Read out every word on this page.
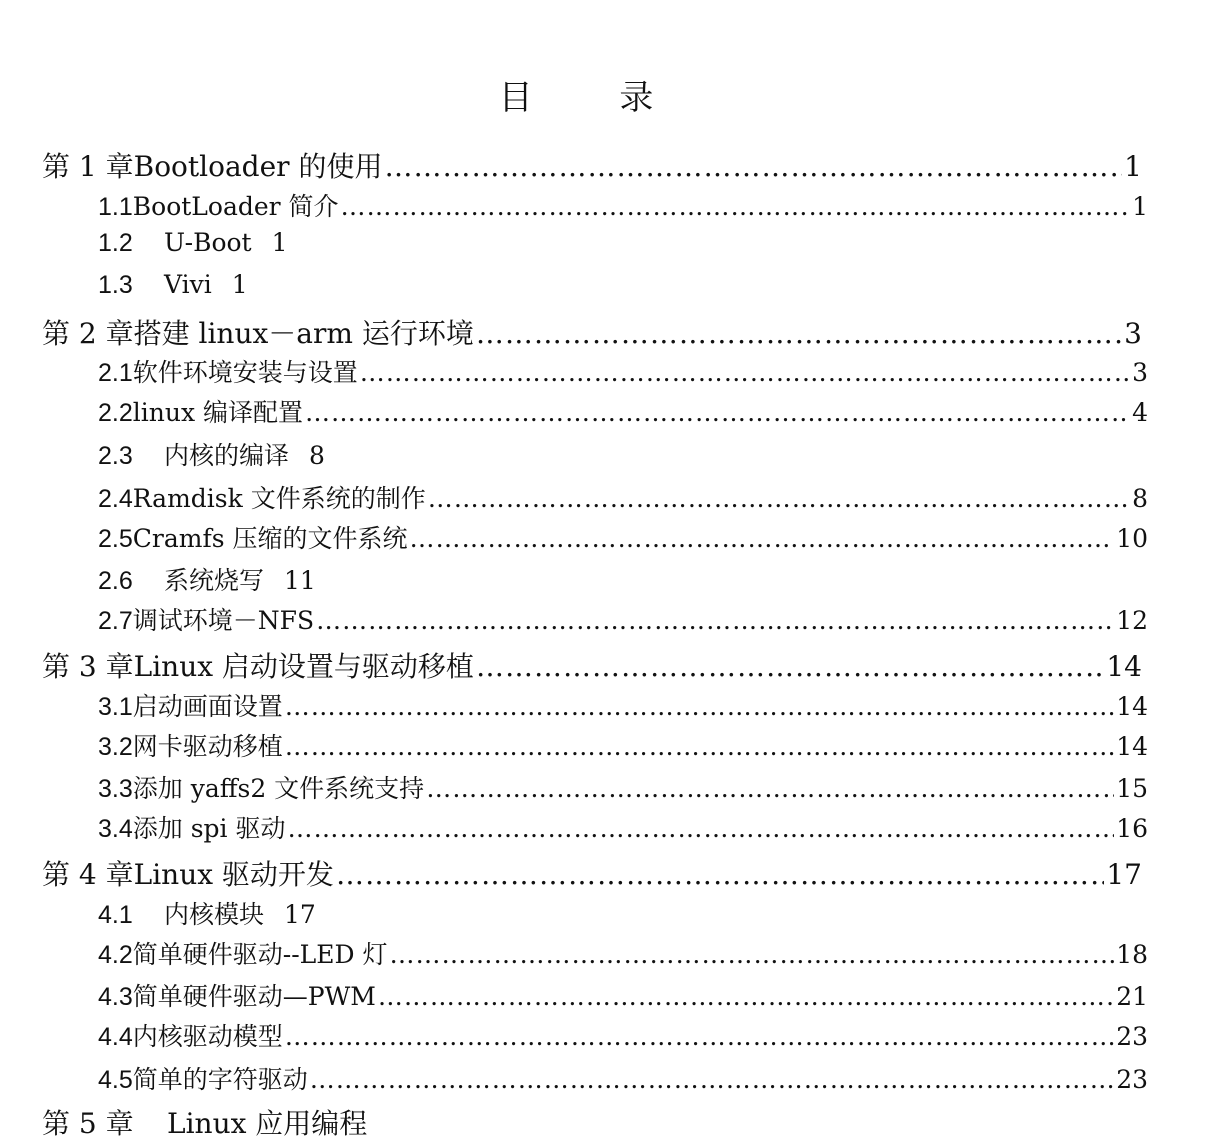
目 录
第 1 章 Bootloader 的使用 ………………………………………………………………………………………………………………………………………………………………………………………………	1
1.1 BootLoader 简介 ………………………………………………………………………………………………………………………………………………………………………………………………	1
1.2	U-Boot 1
1.3	Vivi 1
第 2 章 搭建 linux－arm 运行环境 ………………………………………………………………………………………………………………………………………………………………………………………………	3
2.1 软件环境安装与设置 ………………………………………………………………………………………………………………………………………………………………………………………………	3
2.2 linux 编译配置 ………………………………………………………………………………………………………………………………………………………………………………………………	4
2.3	内核的编译 8
2.4 Ramdisk 文件系统的制作 ………………………………………………………………………………………………………………………………………………………………………………………………	8
2.5 Cramfs 压缩的文件系统 ………………………………………………………………………………………………………………………………………………………………………………………………	10
2.6	系统烧写 11
2.7 调试环境－NFS ………………………………………………………………………………………………………………………………………………………………………………………………	12
第 3 章 Linux 启动设置与驱动移植 ………………………………………………………………………………………………………………………………………………………………………………………………	14
3.1 启动画面设置 ………………………………………………………………………………………………………………………………………………………………………………………………	14
3.2 网卡驱动移植 ………………………………………………………………………………………………………………………………………………………………………………………………	14
3.3 添加 yaffs2 文件系统支持 ………………………………………………………………………………………………………………………………………………………………………………………………	15
3.4 添加 spi 驱动 ………………………………………………………………………………………………………………………………………………………………………………………………	16
第 4 章 Linux 驱动开发 ………………………………………………………………………………………………………………………………………………………………………………………………	17
4.1	内核模块 17
4.2 简单硬件驱动--LED 灯 ………………………………………………………………………………………………………………………………………………………………………………………………	18
4.3 简单硬件驱动—PWM ………………………………………………………………………………………………………………………………………………………………………………………………	21
4.4 内核驱动模型 ………………………………………………………………………………………………………………………………………………………………………………………………	23
4.5 简单的字符驱动 ………………………………………………………………………………………………………………………………………………………………………………………………	23
第 5 章	Linux 应用编程
